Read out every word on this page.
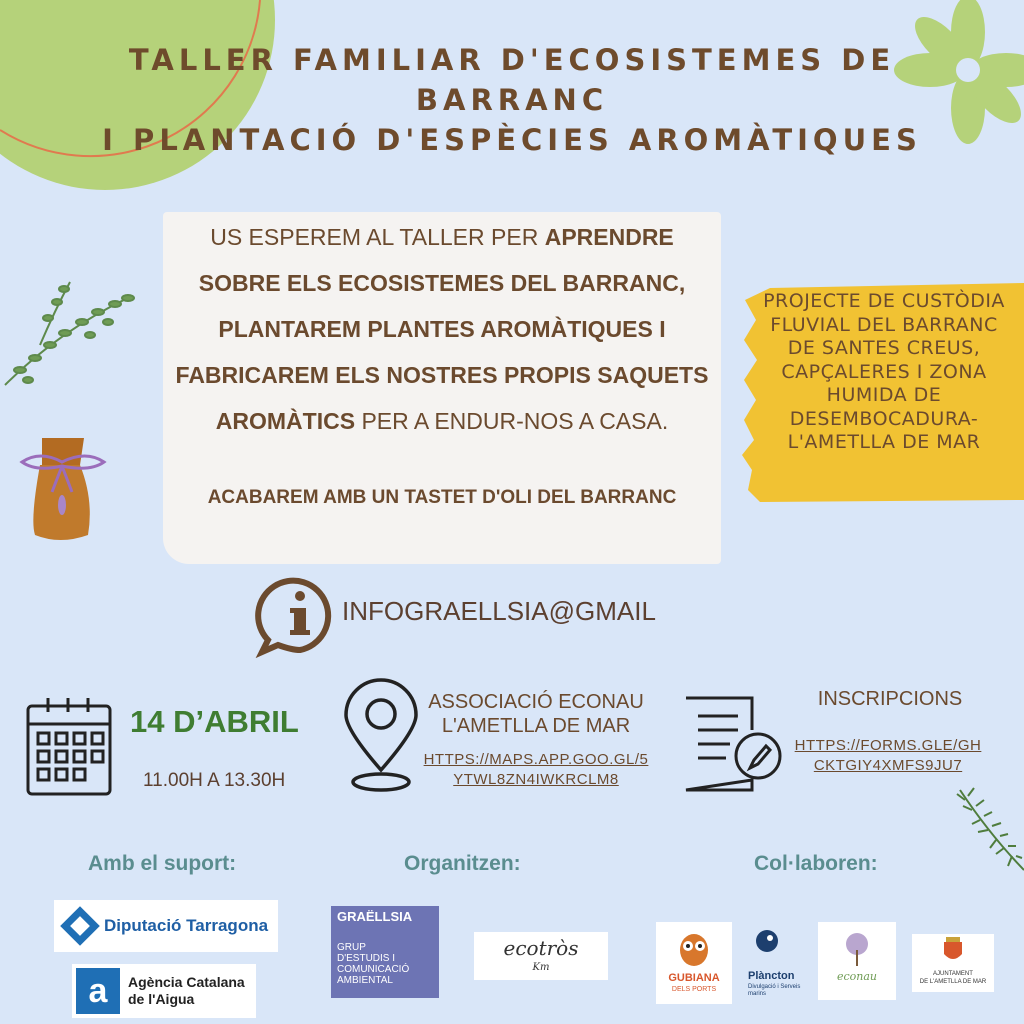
TALLER FAMILIAR D'ECOSISTEMES DE
BARRANC
I PLANTACIÓ D'ESPÈCIES AROMÀTIQUES
US ESPEREM AL TALLER PER APRENDRE SOBRE ELS ECOSISTEMES DEL BARRANC, PLANTAREM PLANTES AROMÀTIQUES I FABRICAREM ELS NOSTRES PROPIS SAQUETS AROMÀTICS PER A ENDUR-NOS A CASA.
ACABAREM AMB UN TASTET D'OLI DEL BARRANC
PROJECTE DE CUSTÒDIA FLUVIAL DEL BARRANC DE SANTES CREUS, CAPÇALERES I ZONA HUMIDA DE DESEMBOCADURA-L'AMETLLA DE MAR
INFOGRAELLSIA@GMAIL
14 D’ABRIL
11.00H A 13.30H
ASSOCIACIÓ ECONAU L'AMETLLA DE MAR
HTTPS://MAPS.APP.GOO.GL/5YTWL8ZN4IWKRCLM8
INSCRIPCIONS
HTTPS://FORMS.GLE/GHCKTGIY4XMFS9JU7
Amb el suport:	Organitzen:	Col·laboren:
Diputació Tarragona
a	Agència Catalana
de l'Aigua
GRAËLLSIA
GRUP D'ESTUDIS I COMUNICACIÓ AMBIENTAL
ecotròs
Km
GUBIANA
DELS PORTS
Plàncton
Divulgació i Serveis marins
econau	AJUNTAMENT
DE L'AMETLLA DE MAR
